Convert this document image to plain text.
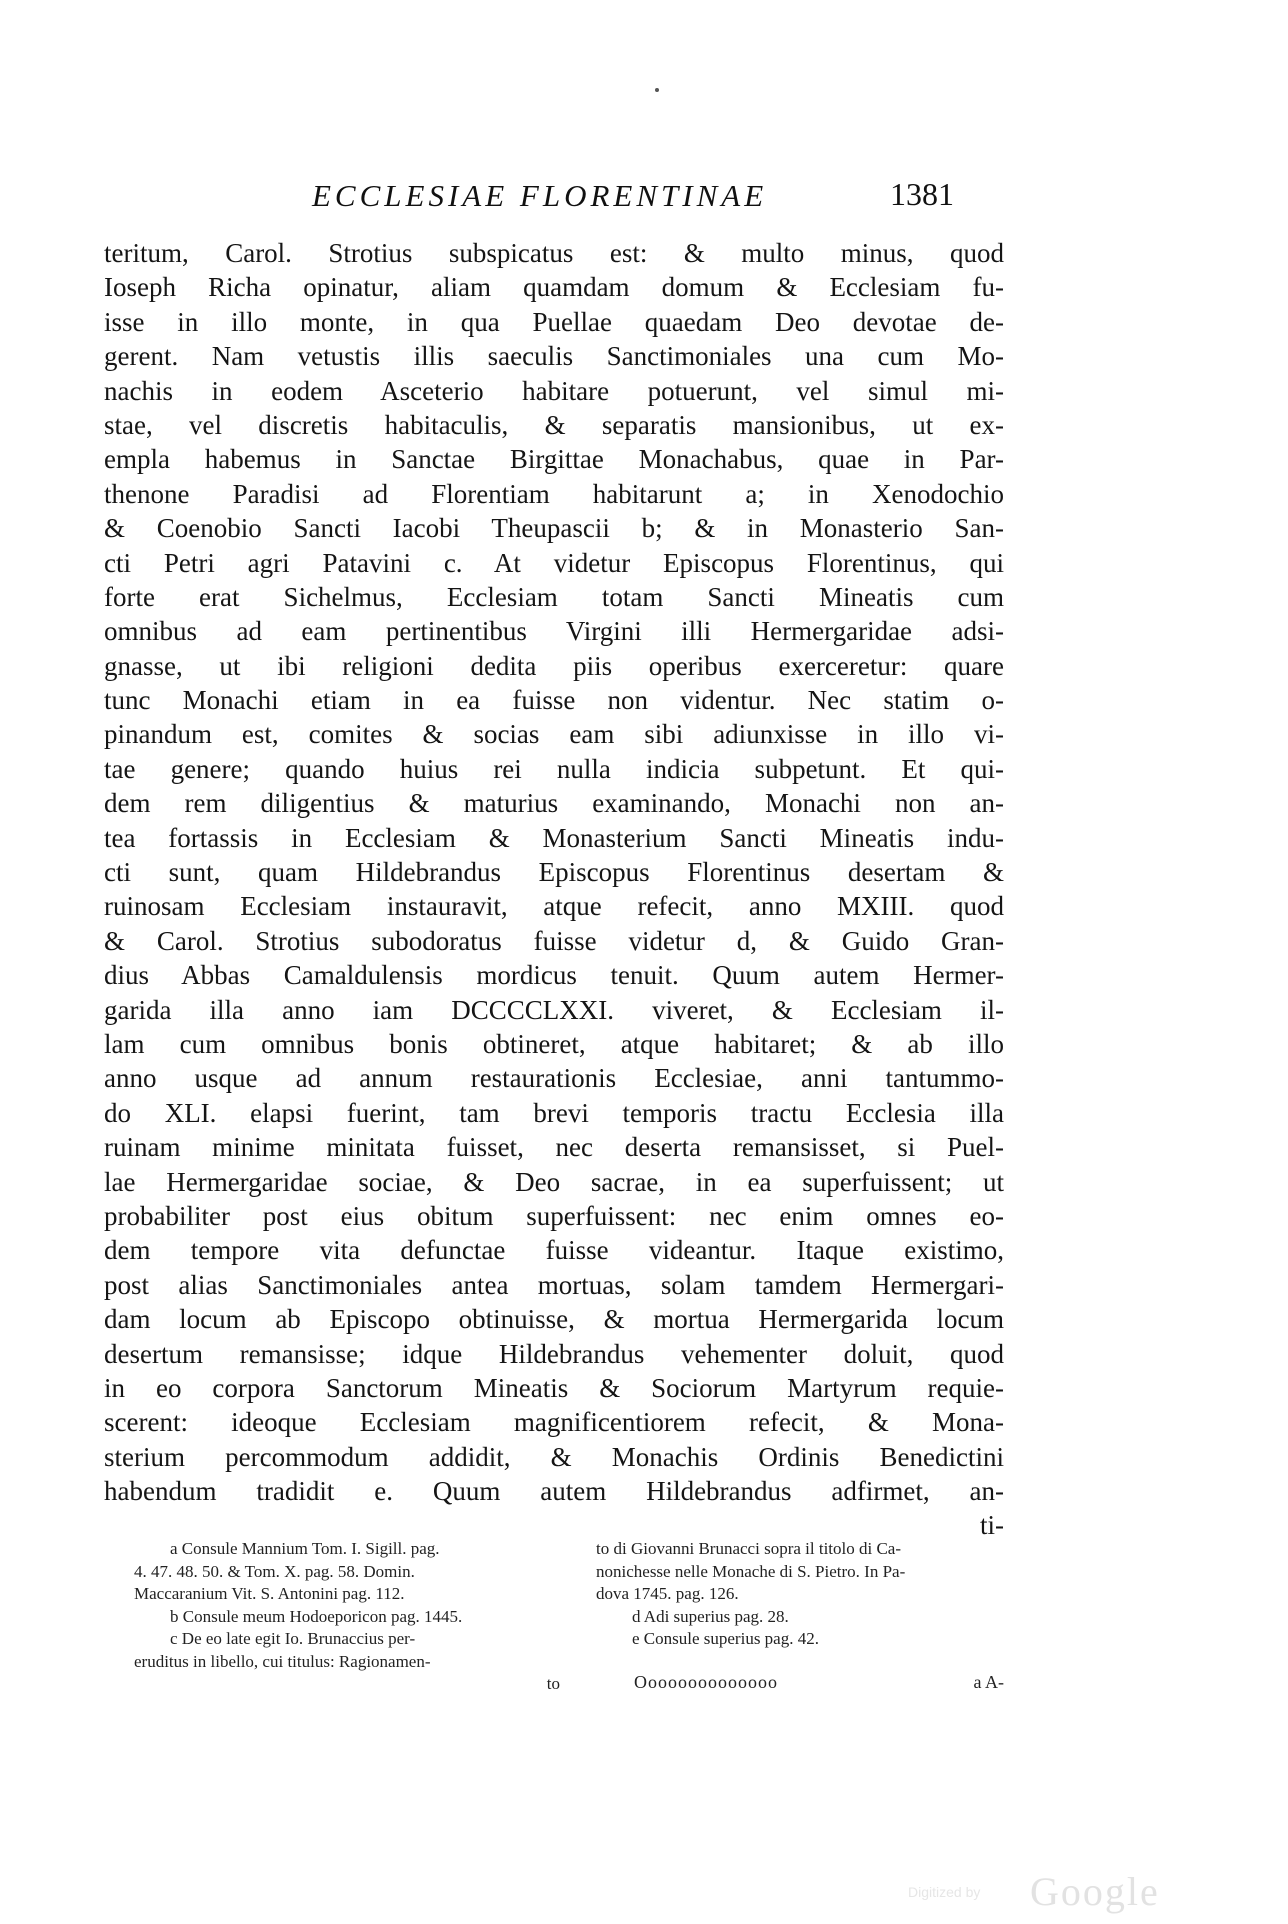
ECCLESIAE FLORENTINAE	1381
teritum, Carol. Strotius subspicatus est: & multo minus, quod
Ioseph Richa opinatur, aliam quamdam domum & Ecclesiam fu-
isse in illo monte, in qua Puellae quaedam Deo devotae de-
gerent. Nam vetustis illis saeculis Sanctimoniales una cum Mo-
nachis in eodem Asceterio habitare potuerunt, vel simul mi-
stae, vel discretis habitaculis, & separatis mansionibus, ut ex-
empla habemus in Sanctae Birgittae Monachabus, quae in Par-
thenone Paradisi ad Florentiam habitarunt a; in Xenodochio
& Coenobio Sancti Iacobi Theupascii b; & in Monasterio San-
cti Petri agri Patavini c. At videtur Episcopus Florentinus, qui
forte erat Sichelmus, Ecclesiam totam Sancti Mineatis cum
omnibus ad eam pertinentibus Virgini illi Hermergaridae adsi-
gnasse, ut ibi religioni dedita piis operibus exerceretur: quare
tunc Monachi etiam in ea fuisse non videntur. Nec statim o-
pinandum est, comites & socias eam sibi adiunxisse in illo vi-
tae genere; quando huius rei nulla indicia subpetunt. Et qui-
dem rem diligentius & maturius examinando, Monachi non an-
tea fortassis in Ecclesiam & Monasterium Sancti Mineatis indu-
cti sunt, quam Hildebrandus Episcopus Florentinus desertam &
ruinosam Ecclesiam instauravit, atque refecit, anno MXIII. quod
& Carol. Strotius subodoratus fuisse videtur d, & Guido Gran-
dius Abbas Camaldulensis mordicus tenuit. Quum autem Hermer-
garida illa anno iam DCCCCLXXI. viveret, & Ecclesiam il-
lam cum omnibus bonis obtineret, atque habitaret; & ab illo
anno usque ad annum restaurationis Ecclesiae, anni tantummo-
do XLI. elapsi fuerint, tam brevi temporis tractu Ecclesia illa
ruinam minime minitata fuisset, nec deserta remansisset, si Puel-
lae Hermergaridae sociae, & Deo sacrae, in ea superfuissent; ut
probabiliter post eius obitum superfuissent: nec enim omnes eo-
dem tempore vita defunctae fuisse videantur. Itaque existimo,
post alias Sanctimoniales antea mortuas, solam tamdem Hermergari-
dam locum ab Episcopo obtinuisse, & mortua Hermergarida locum
desertum remansisse; idque Hildebrandus vehementer doluit, quod
in eo corpora Sanctorum Mineatis & Sociorum Martyrum requie-
scerent: ideoque Ecclesiam magnificentiorem refecit, & Mona-
sterium percommodum addidit, & Monachis Ordinis Benedictini
habendum tradidit e. Quum autem Hildebrandus adfirmet, an-
ti-
a Consule Mannium Tom. I. Sigill. pag.
4. 47. 48. 50. & Tom. X. pag. 58. Domin.
Maccaranium Vit. S. Antonini pag. 112.
b Consule meum Hodoeporicon pag. 1445.
c De eo late egit Io. Brunaccius per-
eruditus in libello, cui titulus: Ragionamen-
to
to di Giovanni Brunacci sopra il titolo di Ca-
nonichesse nelle Monache di S. Pietro. In Pa-
dova 1745. pag. 126.
d Adi superius pag. 28.
e Consule superius pag. 42.
Oooooooooooooo	a A-
Digitized by Google
